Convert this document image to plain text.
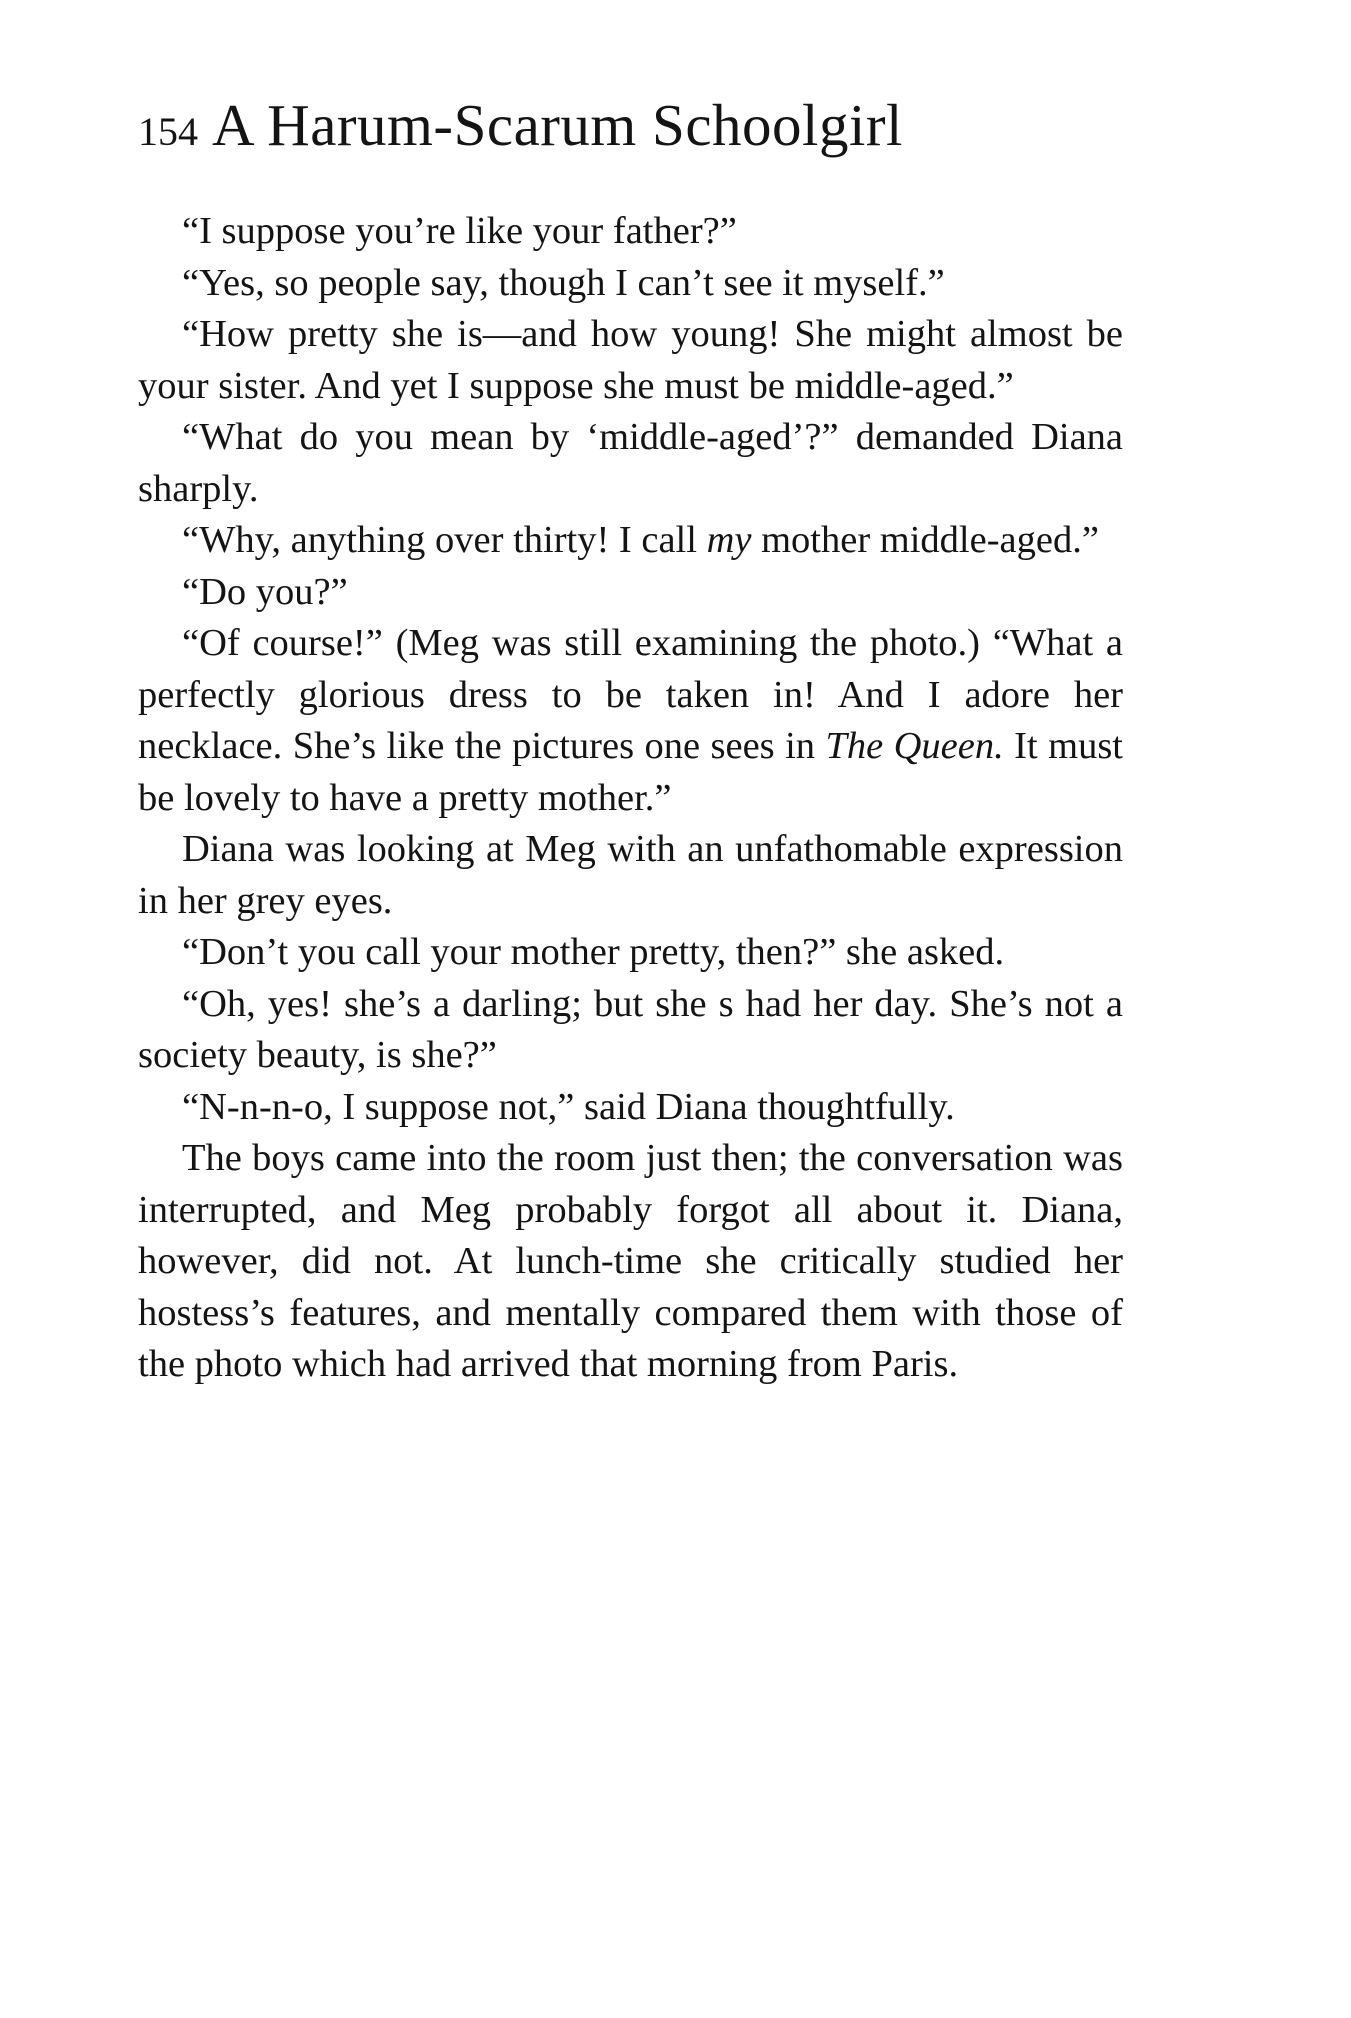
154 A Harum-Scarum Schoolgirl

“I suppose you’re like your father?”

“Yes, so people say, though I can’t see it myself.”

“How pretty she is—and how young! She might almost be your sister. And yet I suppose she must be middle-aged.”

“What do you mean by ‘middle-aged’?” demanded Diana sharply.

“Why, anything over thirty! I call my mother middle-aged.”

“Do you?”

“Of course!” (Meg was still examining the photo.) “What a perfectly glorious dress to be taken in! And I adore her necklace. She’s like the pictures one sees in The Queen. It must be lovely to have a pretty mother.”

Diana was looking at Meg with an unfathomable expression in her grey eyes.

“Don’t you call your mother pretty, then?” she asked.

“Oh, yes! she’s a darling; but she s had her day. She’s not a society beauty, is she?”

“N-n-n-o, I suppose not,” said Diana thoughtfully.

The boys came into the room just then; the conversation was interrupted, and Meg probably forgot all about it. Diana, however, did not. At lunch-time she critically studied her hostess’s features, and mentally compared them with those of the photo which had arrived that morning from Paris.
